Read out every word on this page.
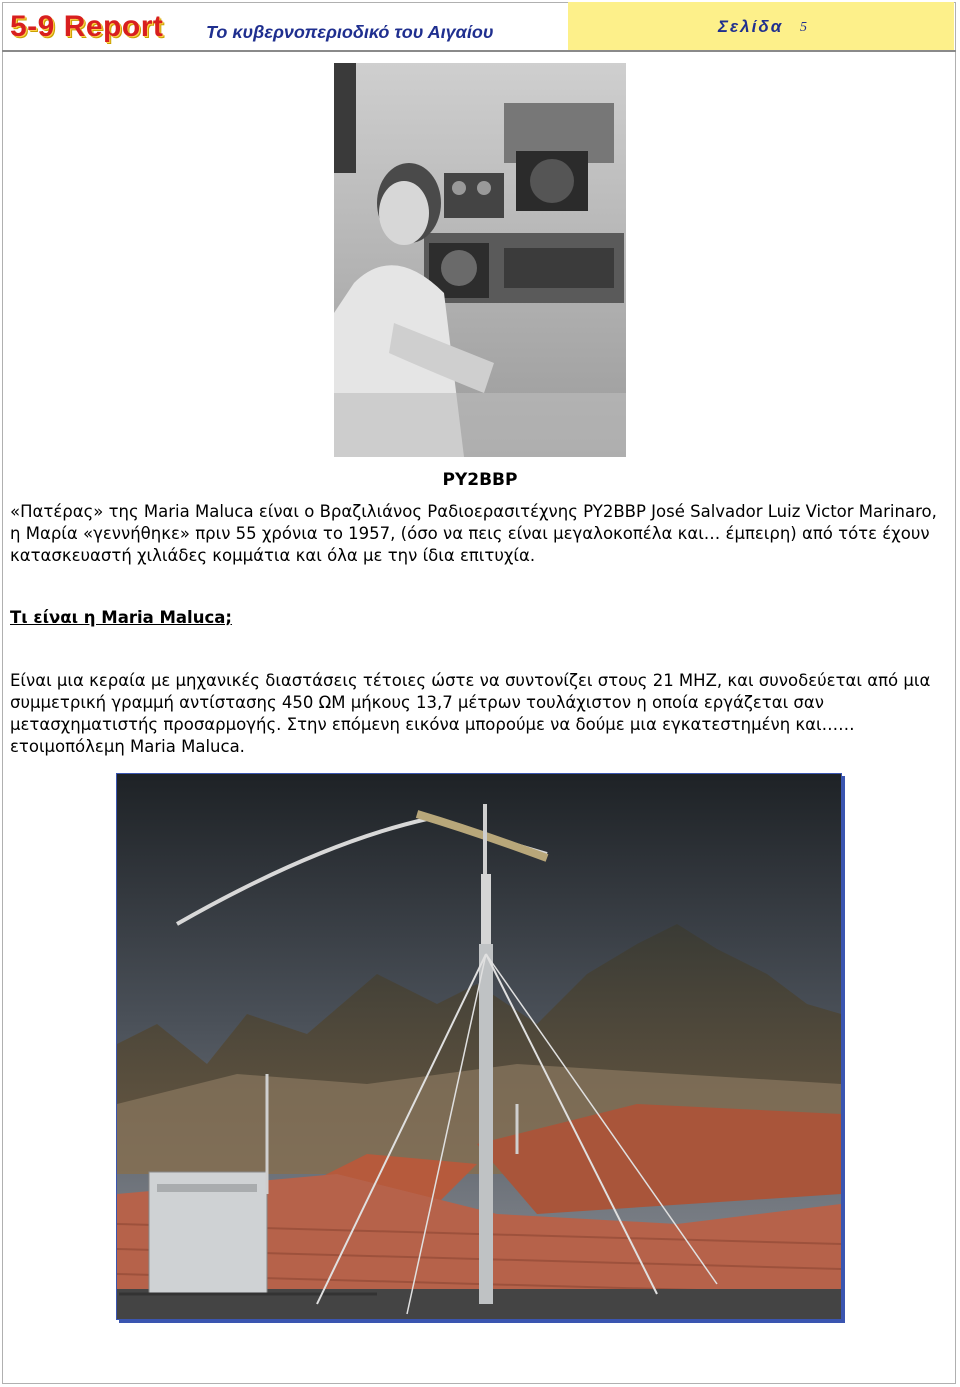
5-9 Report Το κυβερνοπεριοδικό του Αιγαίου	Σελίδα 5
PY2BBP
«Πατέρας» της Maria Maluca είναι ο Βραζιλιάνος Ραδιοερασιτέχνης PY2BBP José Salvador Luiz Victor Marinaro, η Μαρία «γεννήθηκε» πριν 55 χρόνια το 1957, (όσο να πεις είναι μεγαλοκοπέλα και… έμπειρη) από τότε έχουν κατασκευαστή χιλιάδες κομμάτια και όλα με την ίδια επιτυχία.
Τι είναι η Maria Maluca;
Είναι μια κεραία με μηχανικές διαστάσεις τέτοιες ώστε να συντονίζει στους 21 MHZ, και συνοδεύεται από μια συμμετρική γραμμή αντίστασης 450 ΩΜ μήκους 13,7 μέτρων τουλάχιστον η οποία εργάζεται σαν μετασχηματιστής προσαρμογής. Στην επόμενη εικόνα μπορούμε να δούμε μια εγκατεστημένη και…… ετοιμοπόλεμη Maria Maluca.
